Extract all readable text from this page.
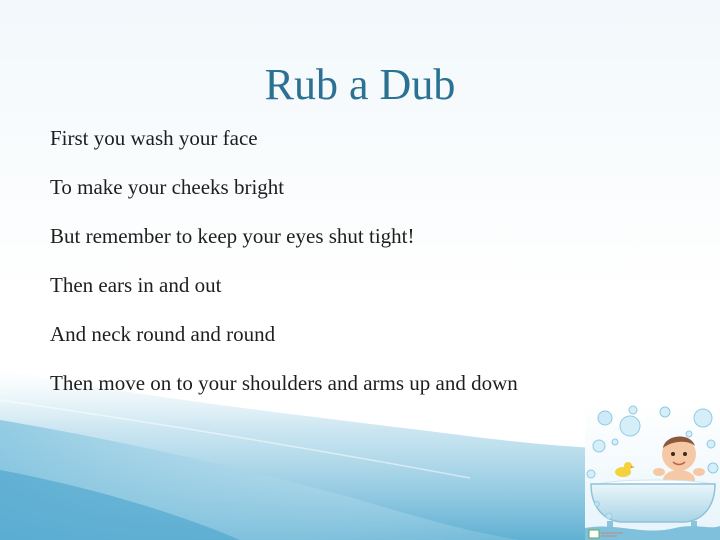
Rub a Dub
First you wash your face
To make your cheeks bright
But remember to keep your eyes shut tight!
Then ears in and out
And neck round and round
Then move on to your shoulders and arms up and down
